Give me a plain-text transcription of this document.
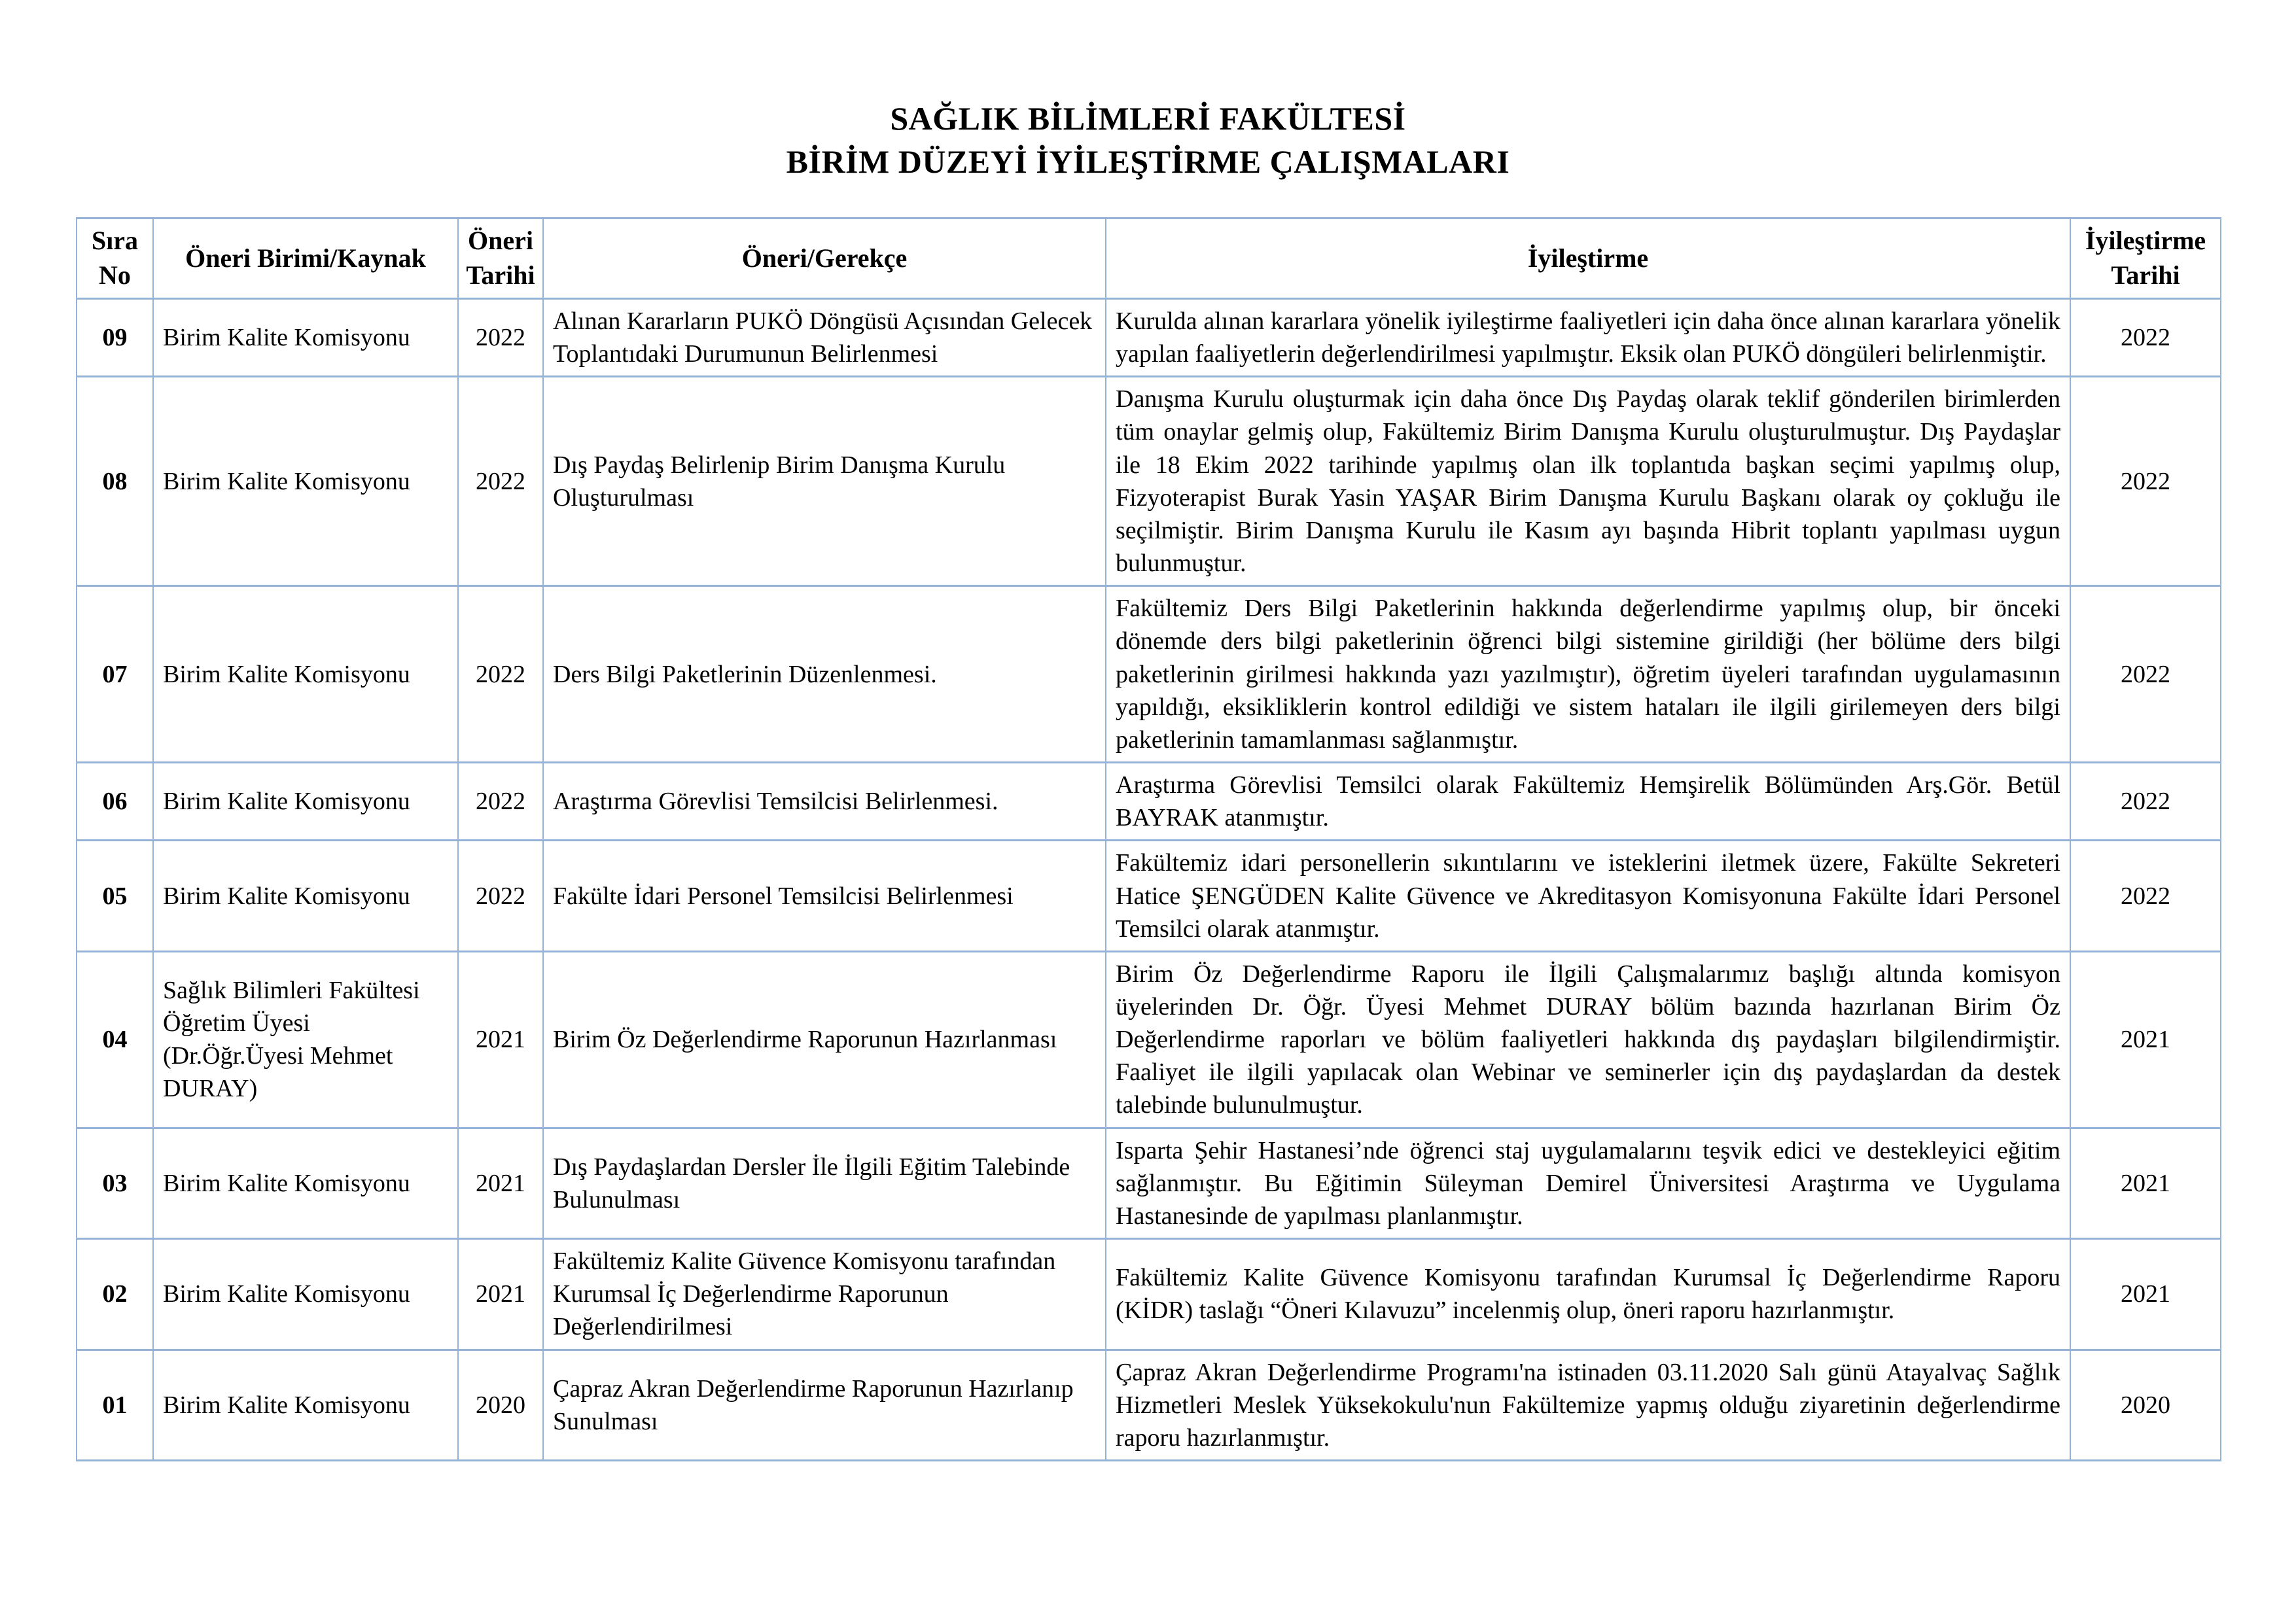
SAĞLIK BİLİMLERİ FAKÜLTESİ
BİRİM DÜZEYİ İYİLEŞTİRME ÇALIŞMALARI
Sıra No	Öneri Birimi/Kaynak	Öneri Tarihi	Öneri/Gerekçe	İyileştirme	İyileştirme Tarihi
09	Birim Kalite Komisyonu	2022	Alınan Kararların PUKÖ Döngüsü Açısından Gelecek Toplantıdaki Durumunun Belirlenmesi	Kurulda alınan kararlara yönelik iyileştirme faaliyetleri için daha önce alınan kararlara yönelik yapılan faaliyetlerin değerlendirilmesi yapılmıştır. Eksik olan PUKÖ döngüleri belirlenmiştir.	2022
08	Birim Kalite Komisyonu	2022	Dış Paydaş Belirlenip Birim Danışma Kurulu Oluşturulması	Danışma Kurulu oluşturmak için daha önce Dış Paydaş olarak teklif gönderilen birimlerden tüm onaylar gelmiş olup, Fakültemiz Birim Danışma Kurulu oluşturulmuştur. Dış Paydaşlar ile 18 Ekim 2022 tarihinde yapılmış olan ilk toplantıda başkan seçimi yapılmış olup, Fizyoterapist Burak Yasin YAŞAR Birim Danışma Kurulu Başkanı olarak oy çokluğu ile seçilmiştir. Birim Danışma Kurulu ile Kasım ayı başında Hibrit toplantı yapılması uygun bulunmuştur.	2022
07	Birim Kalite Komisyonu	2022	Ders Bilgi Paketlerinin Düzenlenmesi.	Fakültemiz Ders Bilgi Paketlerinin hakkında değerlendirme yapılmış olup, bir önceki dönemde ders bilgi paketlerinin öğrenci bilgi sistemine girildiği (her bölüme ders bilgi paketlerinin girilmesi hakkında yazı yazılmıştır), öğretim üyeleri tarafından uygulamasının yapıldığı, eksikliklerin kontrol edildiği ve sistem hataları ile ilgili girilemeyen ders bilgi paketlerinin tamamlanması sağlanmıştır.	2022
06	Birim Kalite Komisyonu	2022	Araştırma Görevlisi Temsilcisi Belirlenmesi.	Araştırma Görevlisi Temsilci olarak Fakültemiz Hemşirelik Bölümünden Arş.Gör. Betül BAYRAK atanmıştır.	2022
05	Birim Kalite Komisyonu	2022	Fakülte İdari Personel Temsilcisi Belirlenmesi	Fakültemiz idari personellerin sıkıntılarını ve isteklerini iletmek üzere, Fakülte Sekreteri Hatice ŞENGÜDEN Kalite Güvence ve Akreditasyon Komisyonuna Fakülte İdari Personel Temsilci olarak atanmıştır.	2022
04	Sağlık Bilimleri Fakültesi Öğretim Üyesi (Dr.Öğr.Üyesi Mehmet DURAY)	2021	Birim Öz Değerlendirme Raporunun Hazırlanması	Birim Öz Değerlendirme Raporu ile İlgili Çalışmalarımız başlığı altında komisyon üyelerinden Dr. Öğr. Üyesi Mehmet DURAY bölüm bazında hazırlanan Birim Öz Değerlendirme raporları ve bölüm faaliyetleri hakkında dış paydaşları bilgilendirmiştir. Faaliyet ile ilgili yapılacak olan Webinar ve seminerler için dış paydaşlardan da destek talebinde bulunulmuştur.	2021
03	Birim Kalite Komisyonu	2021	Dış Paydaşlardan Dersler İle İlgili Eğitim Talebinde Bulunulması	Isparta Şehir Hastanesi’nde öğrenci staj uygulamalarını teşvik edici ve destekleyici eğitim sağlanmıştır. Bu Eğitimin Süleyman Demirel Üniversitesi Araştırma ve Uygulama Hastanesinde de yapılması planlanmıştır.	2021
02	Birim Kalite Komisyonu	2021	Fakültemiz Kalite Güvence Komisyonu tarafından Kurumsal İç Değerlendirme Raporunun Değerlendirilmesi	Fakültemiz Kalite Güvence Komisyonu tarafından Kurumsal İç Değerlendirme Raporu (KİDR) taslağı “Öneri Kılavuzu” incelenmiş olup, öneri raporu hazırlanmıştır.	2021
01	Birim Kalite Komisyonu	2020	Çapraz Akran Değerlendirme Raporunun Hazırlanıp Sunulması	Çapraz Akran Değerlendirme Programı'na istinaden 03.11.2020 Salı günü Atayalvaç Sağlık Hizmetleri Meslek Yüksekokulu'nun Fakültemize yapmış olduğu ziyaretinin değerlendirme raporu hazırlanmıştır.	2020
